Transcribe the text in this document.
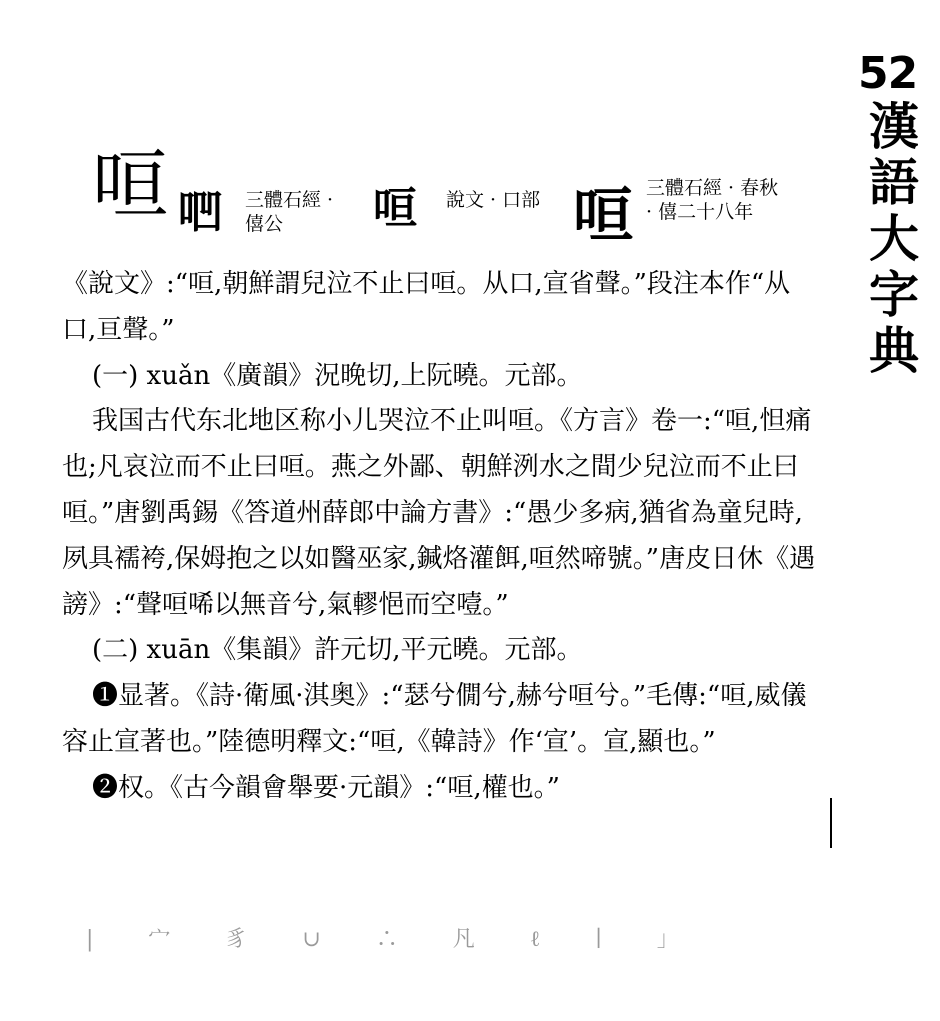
52
漢語大字典
咺 𠱃 三體石經 ·
僖公	咺 說文 · 口部 咺 三體石經 · 春秋
· 僖二十八年

《說文》:“咺,朝鮮謂兒泣不止曰咺。从口,宣省聲。”段注本作“从口,亘聲。”

(一) xuǎn《廣韻》況晚切,上阮曉。元部。

我国古代东北地区称小儿哭泣不止叫咺。《方言》卷一:“咺,怛痛也;凡哀泣而不止曰咺。燕之外鄙、朝鮮洌水之間少兒泣而不止曰咺。”唐劉禹錫《答道州薛郎中論方書》:“愚少多病,猶省為童兒時,夙具襦袴,保姆抱之以如醫巫家,鍼烙灌餌,咺然啼號。”唐皮日休《遇謗》:“聲咺唏以無音兮,氣轇悒而空噎。”

(二) xuān《集韻》許元切,平元曉。元部。

❶显著。《詩·衛風·淇奥》:“瑟兮僩兮,赫兮咺兮。”毛傳:“咺,威儀容止宣著也。”陸德明釋文:“咺,《韓詩》作‘宣’。宣,顯也。”

❷权。《古今韻會舉要·元韻》:“咺,權也。”

| 宀 豸 ∪ ∴ 凡 ℓ ∣ ｣
